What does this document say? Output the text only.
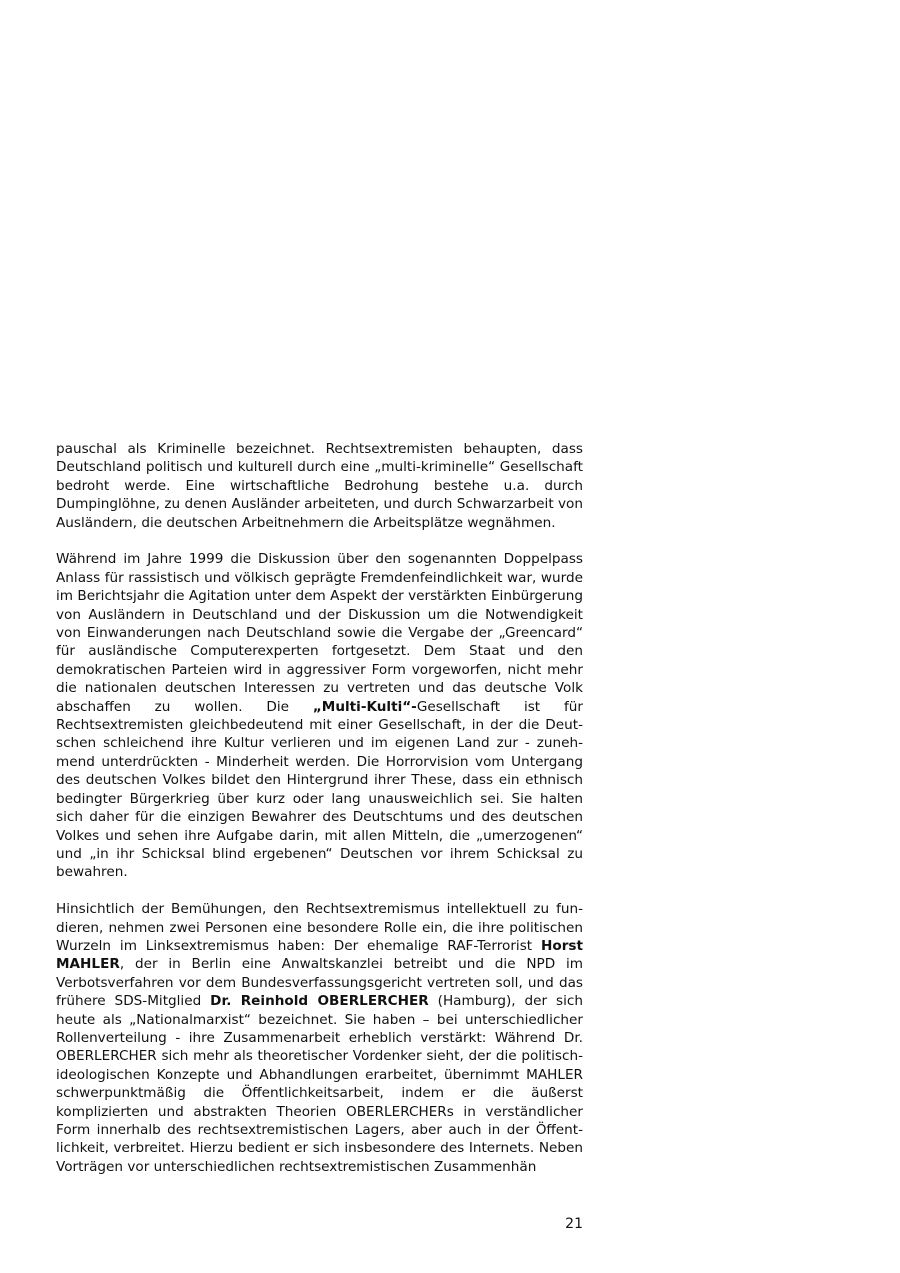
pauschal als Kriminelle bezeichnet. Rechtsextremisten behaupten, dass Deutschland politisch und kulturell durch eine „multi-kriminelle“ Gesellschaft bedroht werde. Eine wirtschaftliche Bedrohung bestehe u.a. durch Dumpinglöhne, zu denen Ausländer arbeiteten, und durch Schwarzarbeit von Ausländern, die deutschen Arbeitnehmern die Arbeitsplätze wegnähmen.

Während im Jahre 1999 die Diskussion über den sogenannten Doppelpass Anlass für rassistisch und völkisch geprägte Fremdenfeindlichkeit war, wurde im Berichtsjahr die Agitation unter dem Aspekt der verstärkten Einbürgerung von Ausländern in Deutschland und der Diskussion um die Notwendigkeit von Einwanderungen nach Deutschland sowie die Vergabe der „Greencard“ für ausländische Computerexperten fortgesetzt. Dem Staat und den demokratischen Parteien wird in aggressiver Form vorgeworfen, nicht mehr die nationalen deutschen Interessen zu vertreten und das deutsche Volk abschaffen zu wollen. Die „Multi-Kulti“-Gesellschaft ist für Rechtsextremisten gleichbedeutend mit einer Gesellschaft, in der die Deutschen schleichend ihre Kultur verlieren und im eigenen Land zur - zunehmend unterdrückten - Minderheit werden. Die Horrorvision vom Untergang des deutschen Volkes bildet den Hintergrund ihrer These, dass ein ethnisch bedingter Bürgerkrieg über kurz oder lang unausweichlich sei. Sie halten sich daher für die einzigen Bewahrer des Deutschtums und des deutschen Volkes und sehen ihre Aufgabe darin, mit allen Mitteln, die „umerzogenen“ und „in ihr Schicksal blind ergebenen“ Deutschen vor ihrem Schicksal zu bewahren.

Hinsichtlich der Bemühungen, den Rechtsextremismus intellektuell zu fundieren, nehmen zwei Personen eine besondere Rolle ein, die ihre politischen Wurzeln im Linksextremismus haben: Der ehemalige RAF-Terrorist Horst MAHLER, der in Berlin eine Anwaltskanzlei betreibt und die NPD im Verbotsverfahren vor dem Bundesverfassungsgericht vertreten soll, und das frühere SDS-Mitglied Dr. Reinhold OBERLERCHER (Hamburg), der sich heute als „Nationalmarxist“ bezeichnet. Sie haben – bei unterschiedlicher Rollenverteilung - ihre Zusammenarbeit erheblich verstärkt: Während Dr. OBERLERCHER sich mehr als theoretischer Vordenker sieht, der die politisch-ideologischen Konzepte und Abhandlungen erarbeitet, übernimmt MAHLER schwerpunktmäßig die Öffentlichkeitsarbeit, indem er die äußerst komplizierten und abstrakten Theorien OBERLERCHERs in verständlicher Form innerhalb des rechtsextremistischen Lagers, aber auch in der Öffentlichkeit, verbreitet. Hierzu bedient er sich insbesondere des Internets. Neben Vorträgen vor unterschiedlichen rechtsextremistischen Zusammenhän

21
